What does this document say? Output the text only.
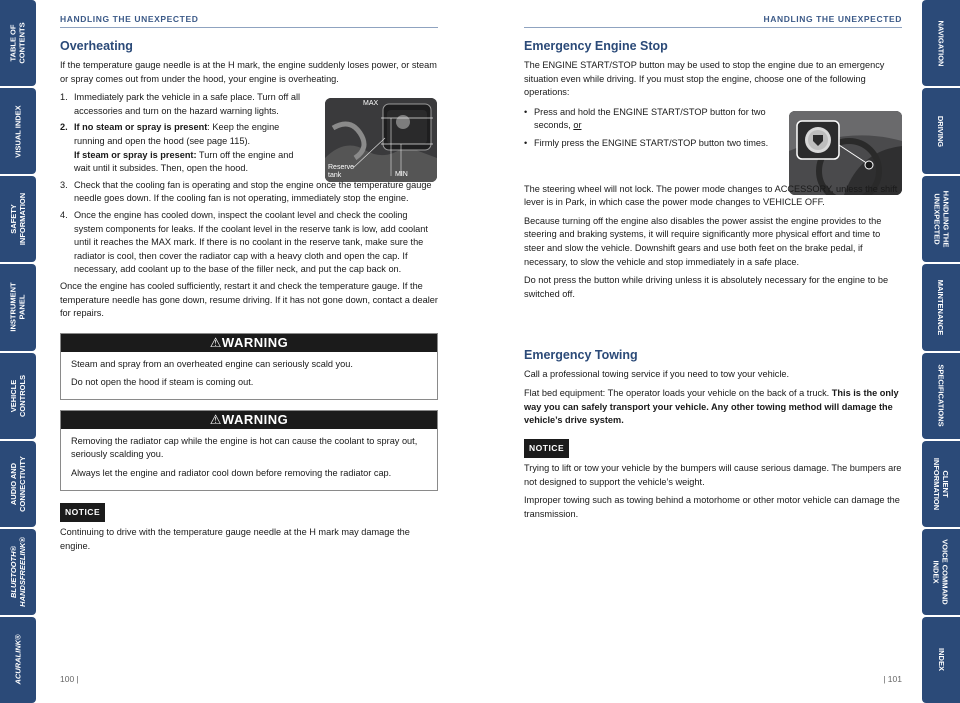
TABLE OF
CONTENTS
VISUAL INDEX
SAFETY
INFORMATION
INSTRUMENT
PANEL
VEHICLE
CONTROLS
AUDIO AND
CONNECTIVITY
BLUETOOTH®
HANDSFREELINK®
ACURALINK®
NAVIGATION
DRIVING
HANDLING THE
UNEXPECTED
MAINTENANCE
SPECIFICATIONS
CLIENT
INFORMATION
VOICE COMMAND
INDEX
INDEX
HANDLING THE UNEXPECTED	HANDLING THE UNEXPECTED
MAX
MIN
Reserve
tank
Overheating

If the temperature gauge needle is at the H mark, the engine suddenly loses power, or steam or spray comes out from under the hood, your engine is overheating.

1. Immediately park the vehicle in a safe place. Turn off all accessories and turn on the hazard warning lights.
2. If no steam or spray is present: Keep the engine running and open the hood (see page 115).
If steam or spray is present: Turn off the engine and wait until it subsides. Then, open the hood.
3. Check that the cooling fan is operating and stop the engine once the temperature gauge needle goes down. If the cooling fan is not operating, immediately stop the engine.
4. Once the engine has cooled down, inspect the coolant level and check the cooling system components for leaks. If the coolant level in the reserve tank is low, add coolant until it reaches the MAX mark. If there is no coolant in the reserve tank, make sure the radiator is cool, then cover the radiator cap with a heavy cloth and open the cap. If necessary, add coolant up to the base of the filler neck, and put the cap back on.

Once the engine has cooled sufficiently, restart it and check the temperature gauge. If the temperature needle has gone down, resume driving. If it has not gone down, contact a dealer for repairs.

⚠WARNING

Steam and spray from an overheated engine can seriously scald you.

Do not open the hood if steam is coming out.

⚠WARNING

Removing the radiator cap while the engine is hot can cause the coolant to spray out, seriously scalding you.

Always let the engine and radiator cool down before removing the radiator cap.

NOTICE

Continuing to drive with the temperature gauge needle at the H mark may damage the engine.

Emergency Engine Stop

The ENGINE START/STOP button may be used to stop the engine due to an emergency situation even while driving. If you must stop the engine, choose one of the following operations:

• Press and hold the ENGINE START/STOP button for two seconds, or
• Firmly press the ENGINE START/STOP button two times.

The steering wheel will not lock. The power mode changes to ACCESSORY, unless the shift lever is in Park, in which case the power mode changes to VEHICLE OFF.

Because turning off the engine also disables the power assist the engine provides to the steering and braking systems, it will require significantly more physical effort and time to steer and slow the vehicle. Downshift gears and use both feet on the brake pedal, if necessary, to slow the vehicle and stop immediately in a safe place.

Do not press the button while driving unless it is absolutely necessary for the engine to be switched off.

Emergency Towing

Call a professional towing service if you need to tow your vehicle.

Flat bed equipment: The operator loads your vehicle on the back of a truck. This is the only way you can safely transport your vehicle. Any other towing method will damage the vehicle’s drive system.

NOTICE

Trying to lift or tow your vehicle by the bumpers will cause serious damage. The bumpers are not designed to support the vehicle’s weight.

Improper towing such as towing behind a motorhome or other motor vehicle can damage the transmission.

100 |	| 101
